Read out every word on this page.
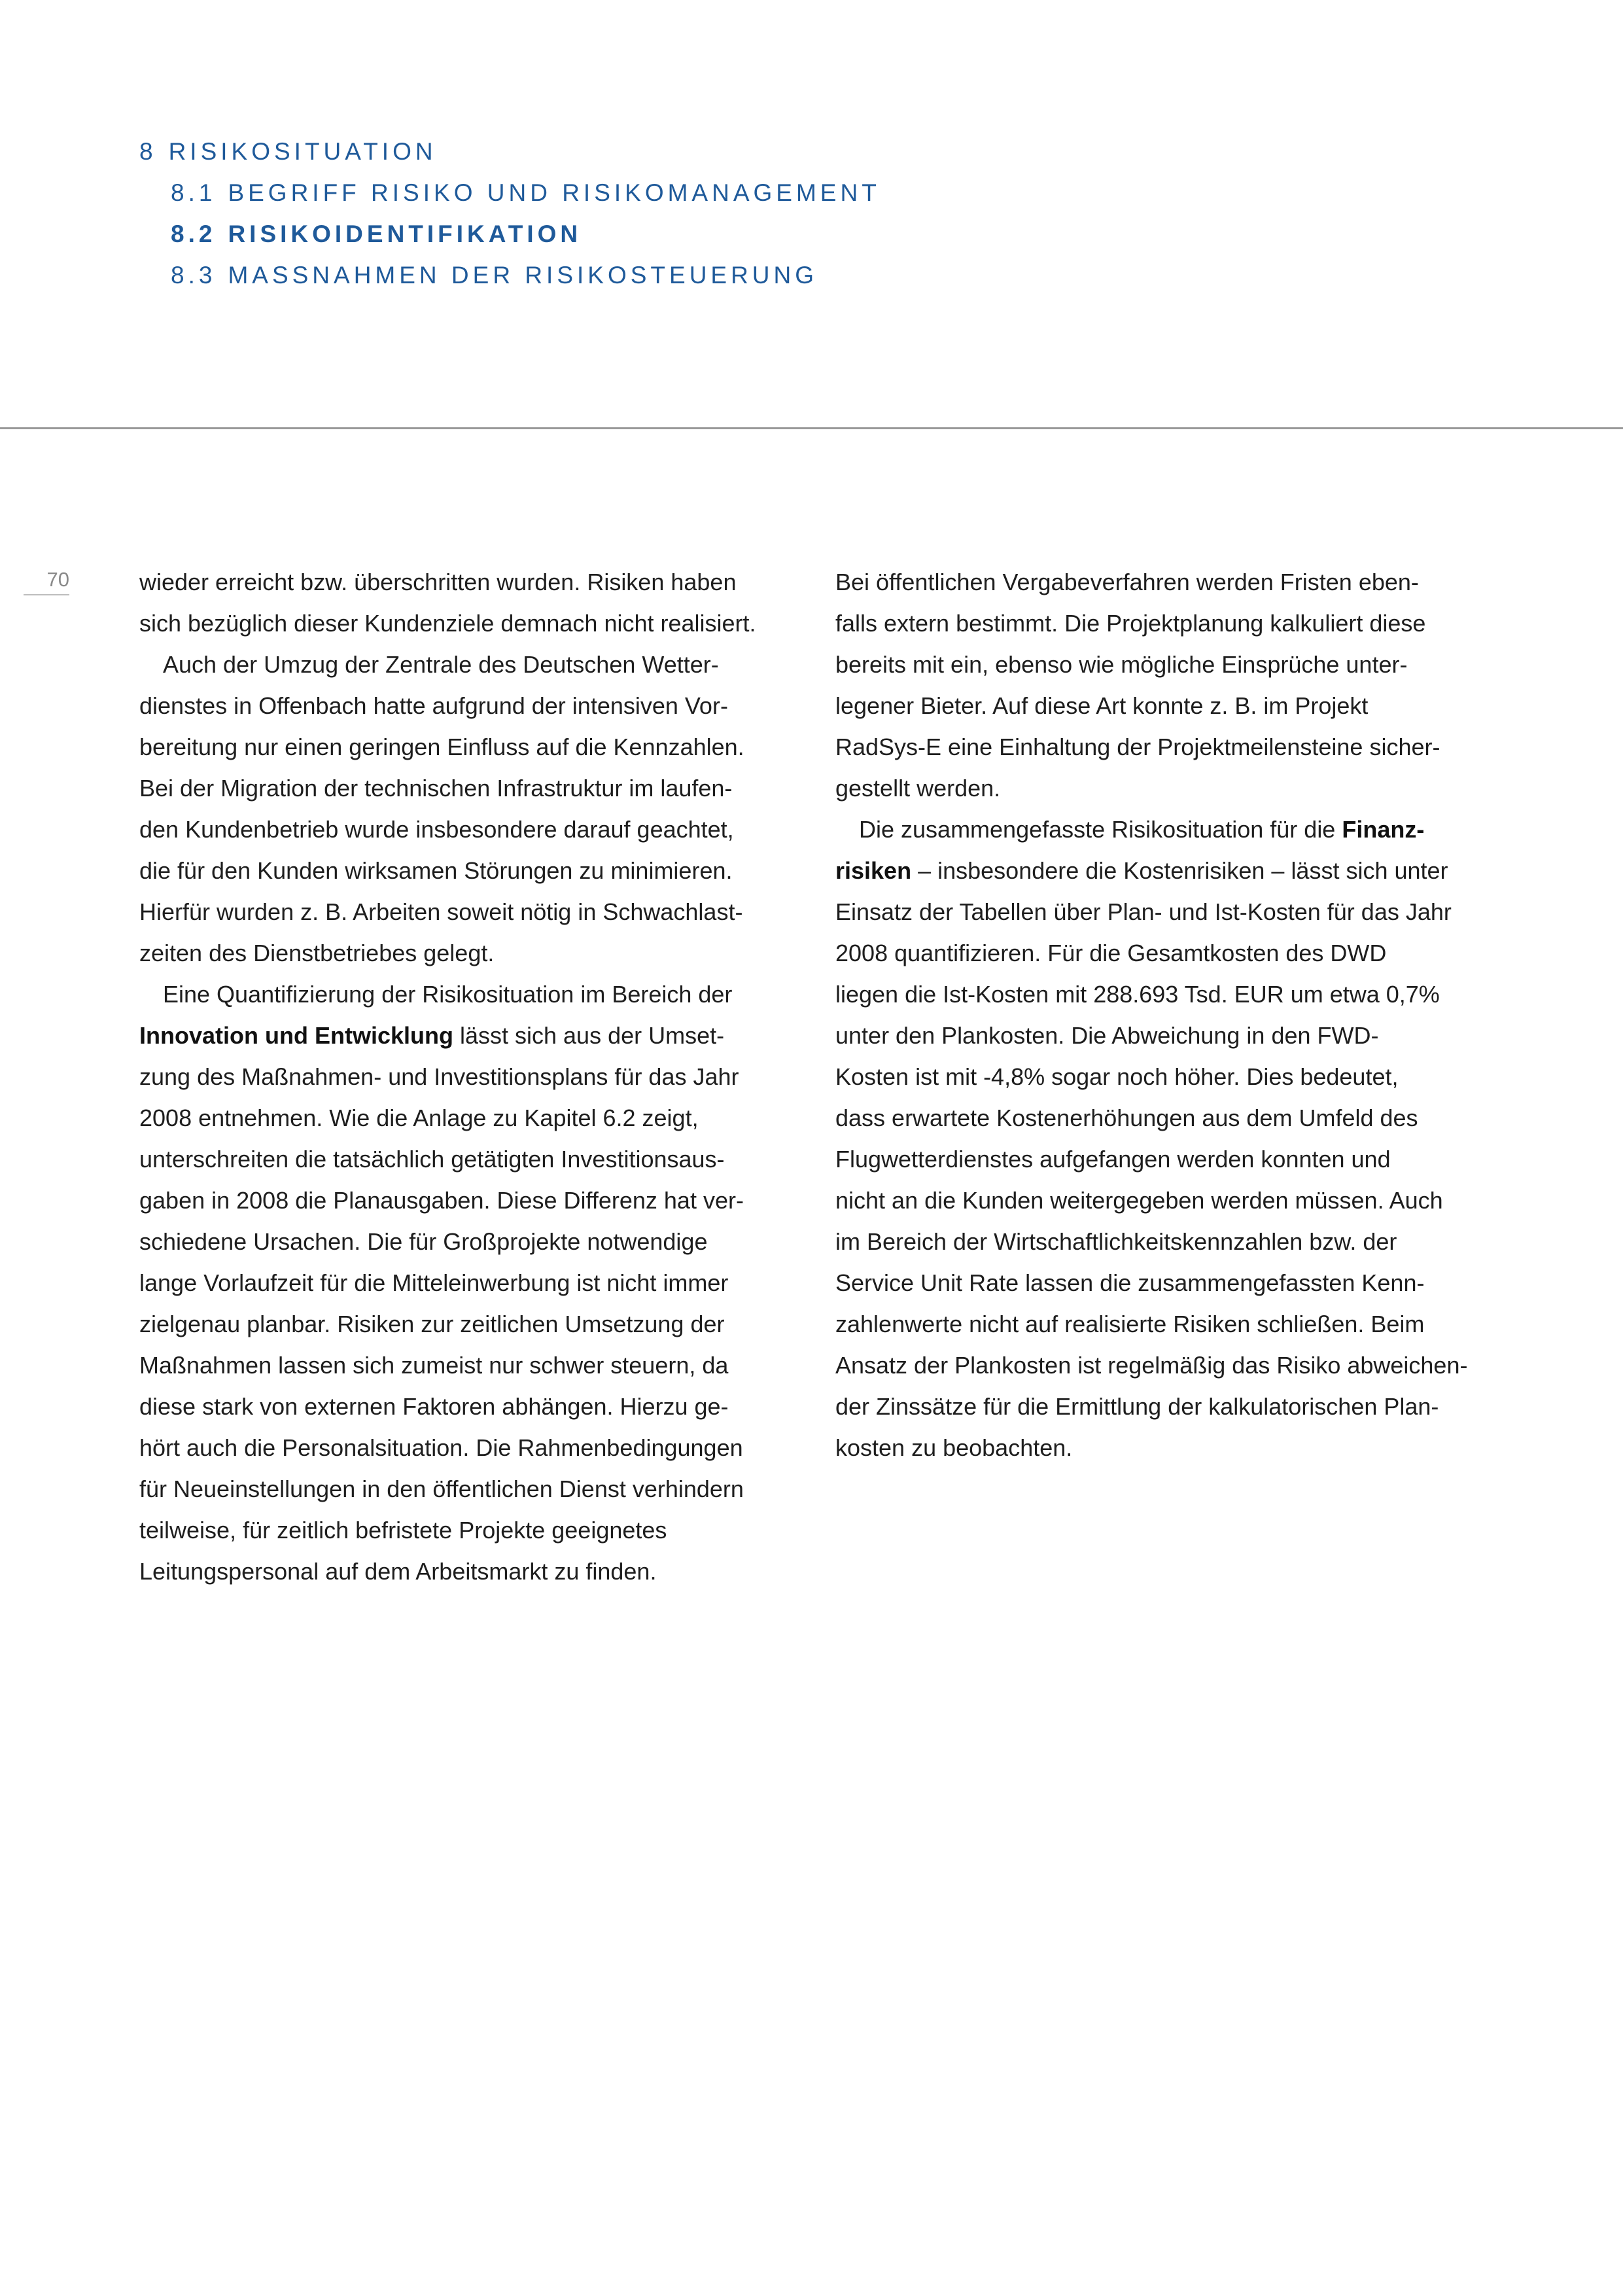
8 RISIKOSITUATION
8.1 BEGRIFF RISIKO UND RISIKOMANAGEMENT
8.2 RISIKOIDENTIFIKATION
8.3 MASSNAHMEN DER RISIKOSTEUERUNG
70	wieder erreicht bzw. überschritten wurden. Risiken haben
sich bezüglich dieser Kundenziele demnach nicht realisiert.
Auch der Umzug der Zentrale des Deutschen Wetter-
dienstes in Offenbach hatte aufgrund der intensiven Vor-
bereitung nur einen geringen Einfluss auf die Kennzahlen.
Bei der Migration der technischen Infrastruktur im laufen-
den Kundenbetrieb wurde insbesondere darauf geachtet,
die für den Kunden wirksamen Störungen zu minimieren.
Hierfür wurden z. B. Arbeiten soweit nötig in Schwachlast-
zeiten des Dienstbetriebes gelegt.
Eine Quantifizierung der Risikosituation im Bereich der
Innovation und Entwicklung lässt sich aus der Umset-
zung des Maßnahmen- und Investitionsplans für das Jahr
2008 entnehmen. Wie die Anlage zu Kapitel 6.2 zeigt,
unterschreiten die tatsächlich getätigten Investitionsaus-
gaben in 2008 die Planausgaben. Diese Differenz hat ver-
schiedene Ursachen. Die für Großprojekte notwendige
lange Vorlaufzeit für die Mitteleinwerbung ist nicht immer
zielgenau planbar. Risiken zur zeitlichen Umsetzung der
Maßnahmen lassen sich zumeist nur schwer steuern, da
diese stark von externen Faktoren abhängen. Hierzu ge-
hört auch die Personalsituation. Die Rahmenbedingungen
für Neueinstellungen in den öffentlichen Dienst verhindern
teilweise, für zeitlich befristete Projekte geeignetes
Leitungspersonal auf dem Arbeitsmarkt zu finden.
Bei öffentlichen Vergabeverfahren werden Fristen eben-
falls extern bestimmt. Die Projektplanung kalkuliert diese
bereits mit ein, ebenso wie mögliche Einsprüche unter-
legener Bieter. Auf diese Art konnte z. B. im Projekt
RadSys-E eine Einhaltung der Projektmeilensteine sicher-
gestellt werden.
Die zusammengefasste Risikosituation für die Finanz-
risiken – insbesondere die Kostenrisiken – lässt sich unter
Einsatz der Tabellen über Plan- und Ist-Kosten für das Jahr
2008 quantifizieren. Für die Gesamtkosten des DWD
liegen die Ist-Kosten mit 288.693 Tsd. EUR um etwa 0,7%
unter den Plankosten. Die Abweichung in den FWD-
Kosten ist mit -4,8% sogar noch höher. Dies bedeutet,
dass erwartete Kostenerhöhungen aus dem Umfeld des
Flugwetterdienstes aufgefangen werden konnten und
nicht an die Kunden weitergegeben werden müssen. Auch
im Bereich der Wirtschaftlichkeitskennzahlen bzw. der
Service Unit Rate lassen die zusammengefassten Kenn-
zahlenwerte nicht auf realisierte Risiken schließen. Beim
Ansatz der Plankosten ist regelmäßig das Risiko abweichen-
der Zinssätze für die Ermittlung der kalkulatorischen Plan-
kosten zu beobachten.
